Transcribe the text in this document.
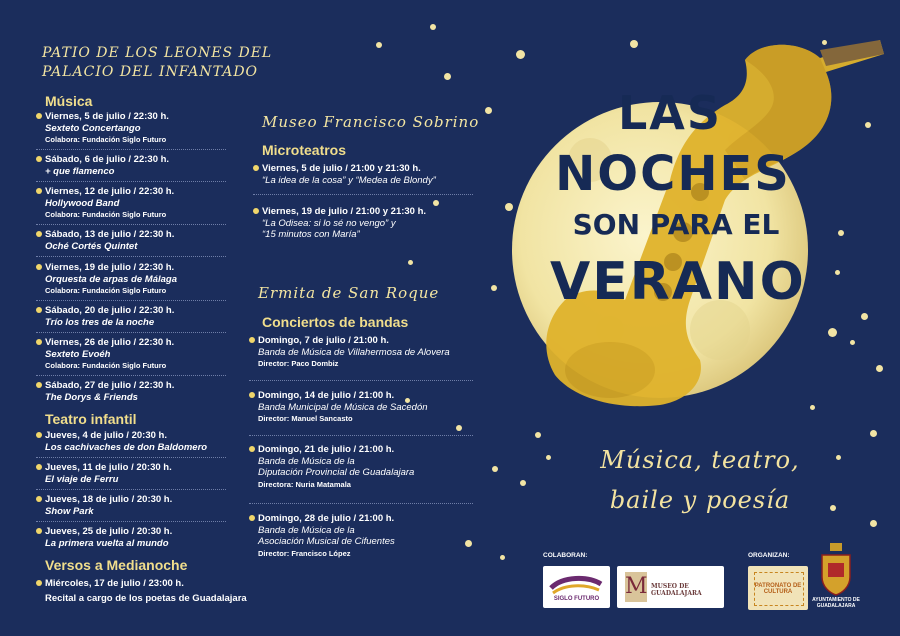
LAS
NOCHES
SON PARA EL
VERANO
Música, teatro,
baile y poesía
PATIO DE LOS LEONES DEL
PALACIO DEL INFANTADO
Música
Viernes, 5 de julio / 22:30 h.
Sexteto Concertango
Colabora: Fundación Siglo Futuro
Sábado, 6 de julio / 22:30 h.
+ que flamenco
Viernes, 12 de julio / 22:30 h.
Hollywood Band
Colabora: Fundación Siglo Futuro
Sábado, 13 de julio / 22:30 h.
Oché Cortés Quintet
Viernes, 19 de julio / 22:30 h.
Orquesta de arpas de Málaga
Colabora: Fundación Siglo Futuro
Sábado, 20 de julio / 22:30 h.
Trío los tres de la noche
Viernes, 26 de julio / 22:30 h.
Sexteto Evoéh
Colabora: Fundación Siglo Futuro
Sábado, 27 de julio / 22:30 h.
The Dorys & Friends
Teatro infantil
Jueves, 4 de julio / 20:30 h.
Los cachivaches de don Baldomero
Jueves, 11 de julio / 20:30 h.
El viaje de Ferru
Jueves, 18 de julio / 20:30 h.
Show Park
Jueves, 25 de julio / 20:30 h.
La primera vuelta al mundo
Versos a Medianoche
Miércoles, 17 de julio / 23:00 h.
Recital a cargo de los poetas de Guadalajara
Museo Francisco Sobrino
Microteatros
Viernes, 5 de julio / 21:00 y 21:30 h.
“La idea de la cosa” y “Medea de Blondy”
Viernes, 19 de julio / 21:00 y 21:30 h.
“La Odisea: si lo sé no vengo” y
“15 minutos con María”
Ermita de San Roque
Conciertos de bandas
Domingo, 7 de julio / 21:00 h.
Banda de Música de Villahermosa de Alovera
Director: Paco Dombiz
Domingo, 14 de julio / 21:00 h.
Banda Municipal de Música de Sacedón
Director: Manuel Sancasto
Domingo, 21 de julio / 21:00 h.
Banda de Música de la
Diputación Provincial de Guadalajara
Directora: Nuria Matamala
Domingo, 28 de julio / 21:00 h.
Banda de Música de la
Asociación Musical de Cifuentes
Director: Francisco López	COLABORAN:	ORGANIZAN:
SIGLO FUTURO	M MUSEO DE GUADALAJARA
PATRONATO DE CULTURA
AYUNTAMIENTO DE GUADALAJARA
